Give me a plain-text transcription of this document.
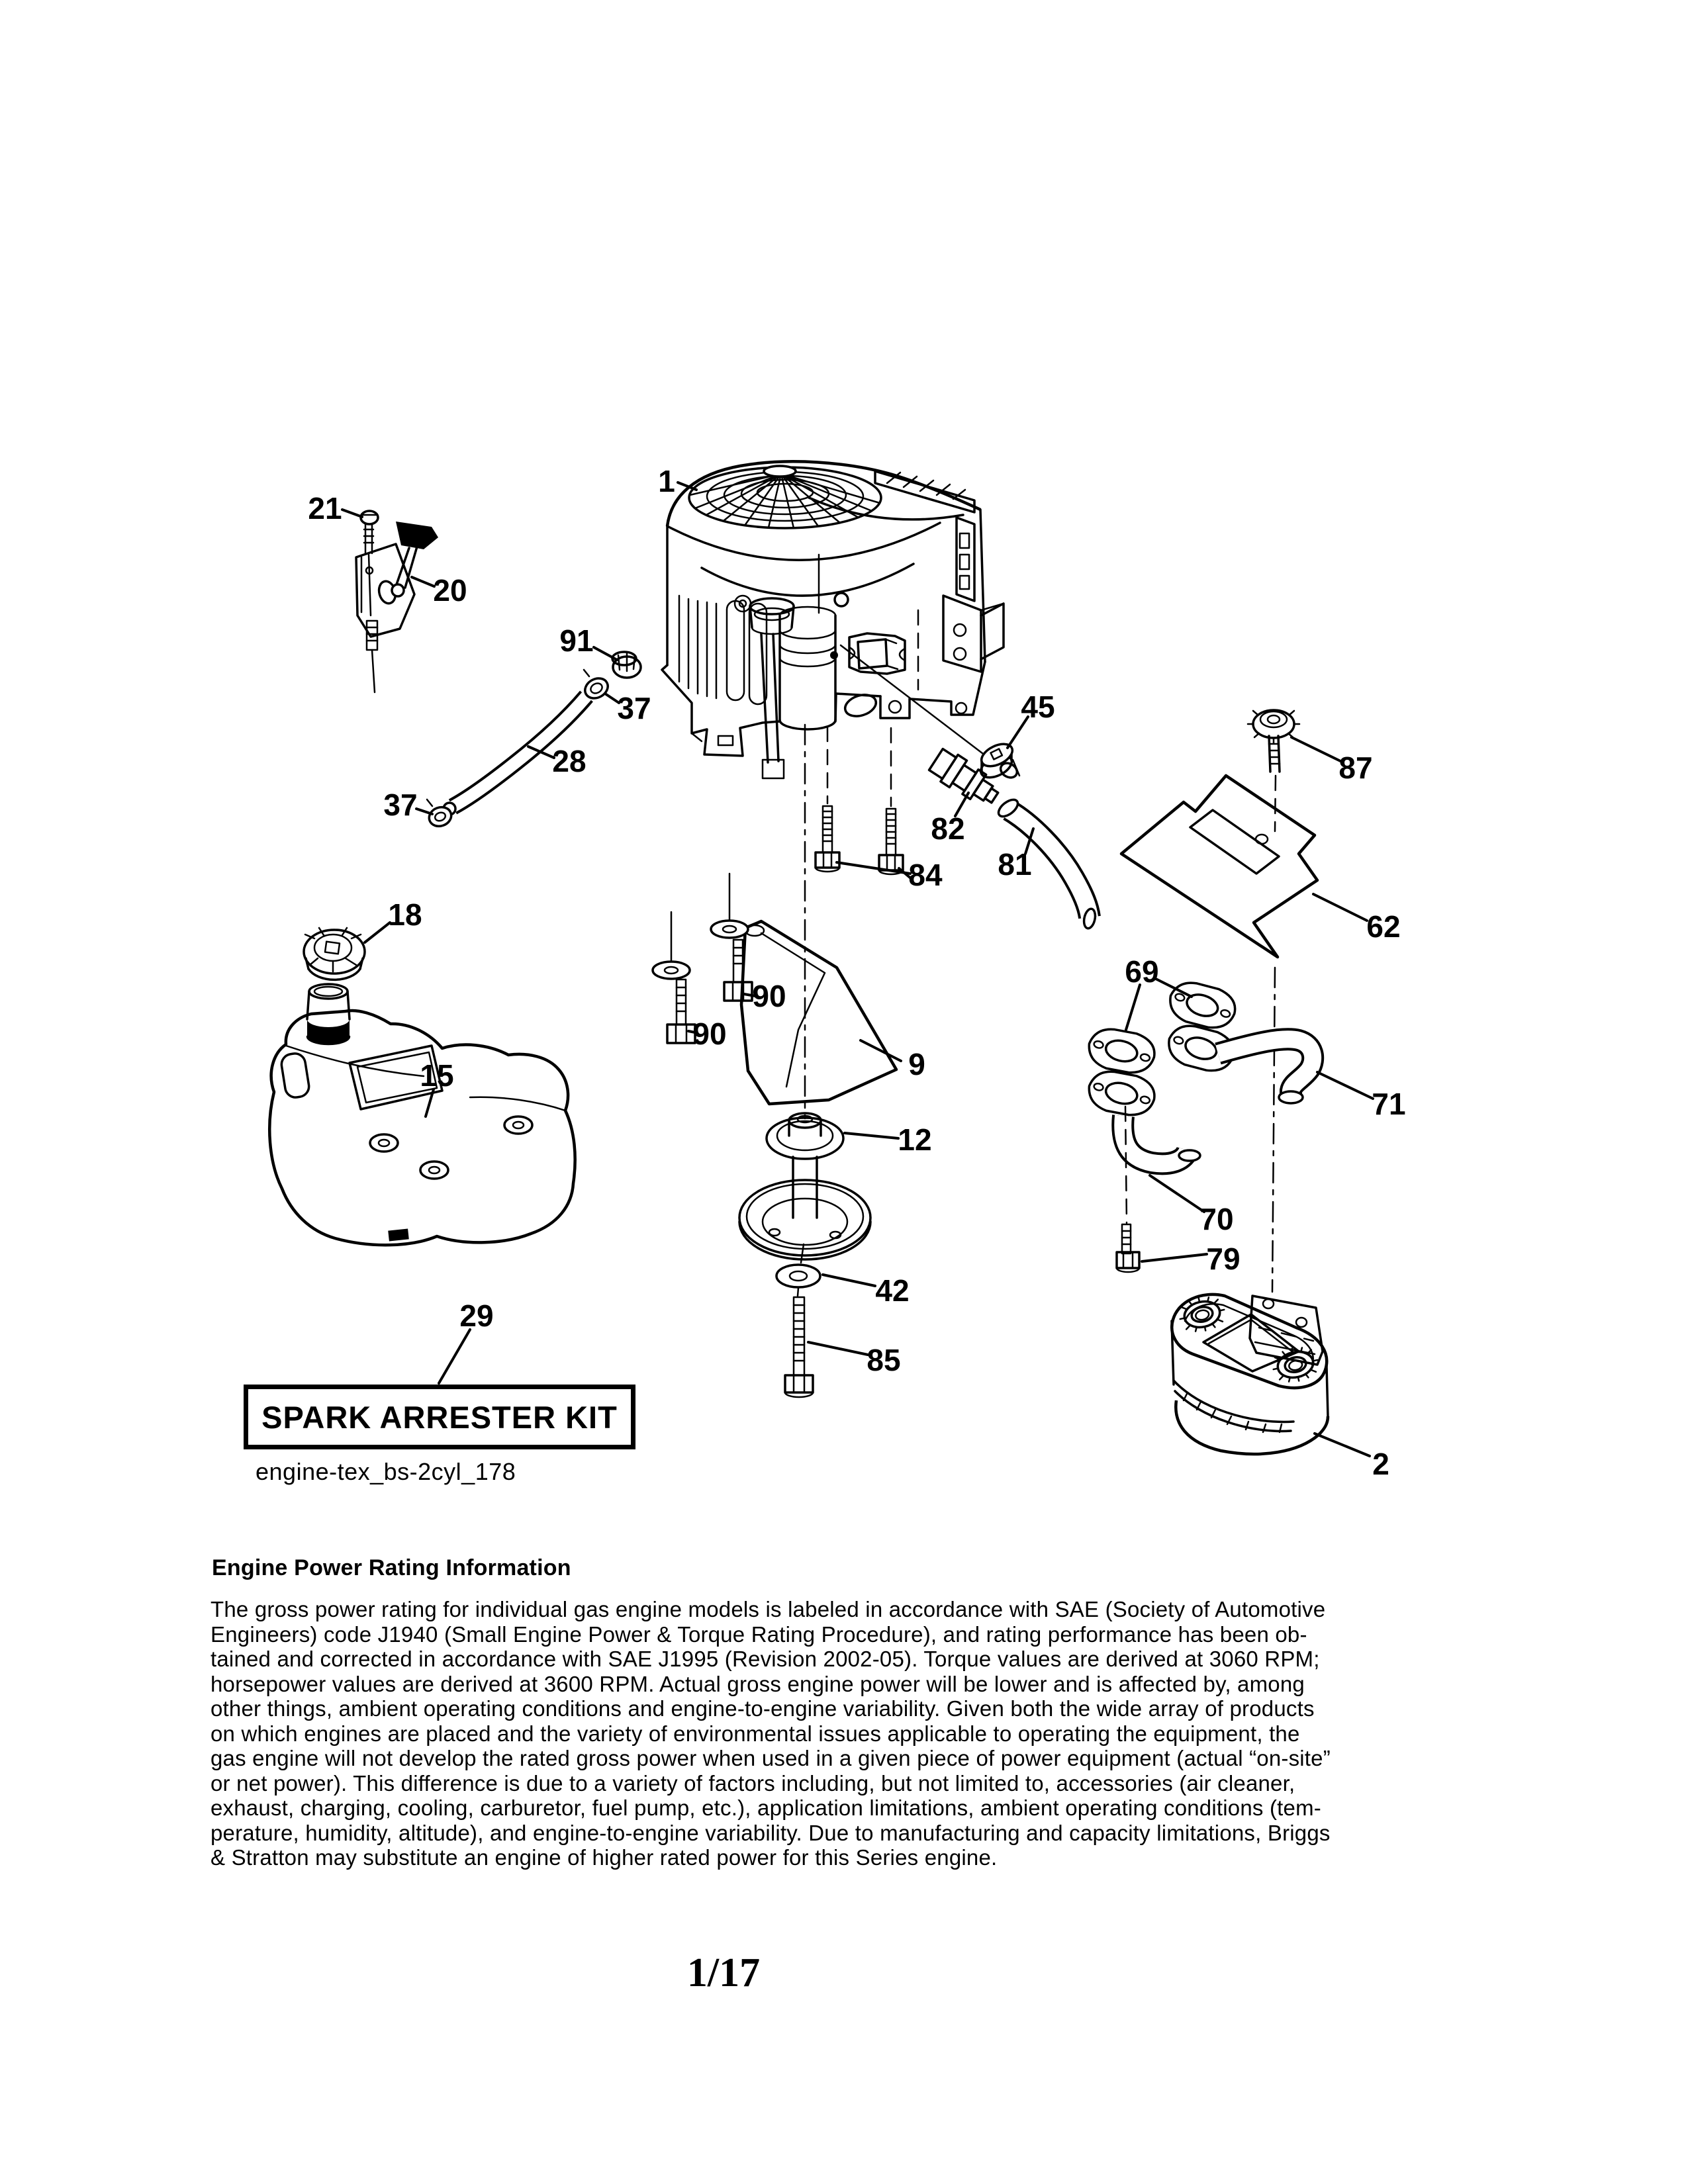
1
21
20
91
37
28
37
45
82
84 81
87
62
18
69
90
90
9
15
71
12
70
79
29
42
85
2
SPARK ARRESTER KIT
engine-tex_bs-2cyl_178
Engine Power Rating Information
The gross power rating for individual gas engine models is labeled in accordance with SAE (Society of Automotive
Engineers) code J1940 (Small Engine Power & Torque Rating Procedure), and rating performance has been ob-
tained and corrected in accordance with SAE J1995 (Revision 2002-05). Torque values are derived at 3060 RPM;
horsepower values are derived at 3600 RPM. Actual gross engine power will be lower and is affected by, among
other things, ambient operating conditions and engine-to-engine variability. Given both the wide array of products
on which engines are placed and the variety of environmental issues applicable to operating the equipment, the
gas engine will not develop the rated gross power when used in a given piece of power equipment (actual “on-site”
or net power). This difference is due to a variety of factors including, but not limited to, accessories (air cleaner,
exhaust, charging, cooling, carburetor, fuel pump, etc.), application limitations, ambient operating conditions (tem-
perature, humidity, altitude), and engine-to-engine variability. Due to manufacturing and capacity limitations, Briggs
& Stratton may substitute an engine of higher rated power for this Series engine.
1/17
